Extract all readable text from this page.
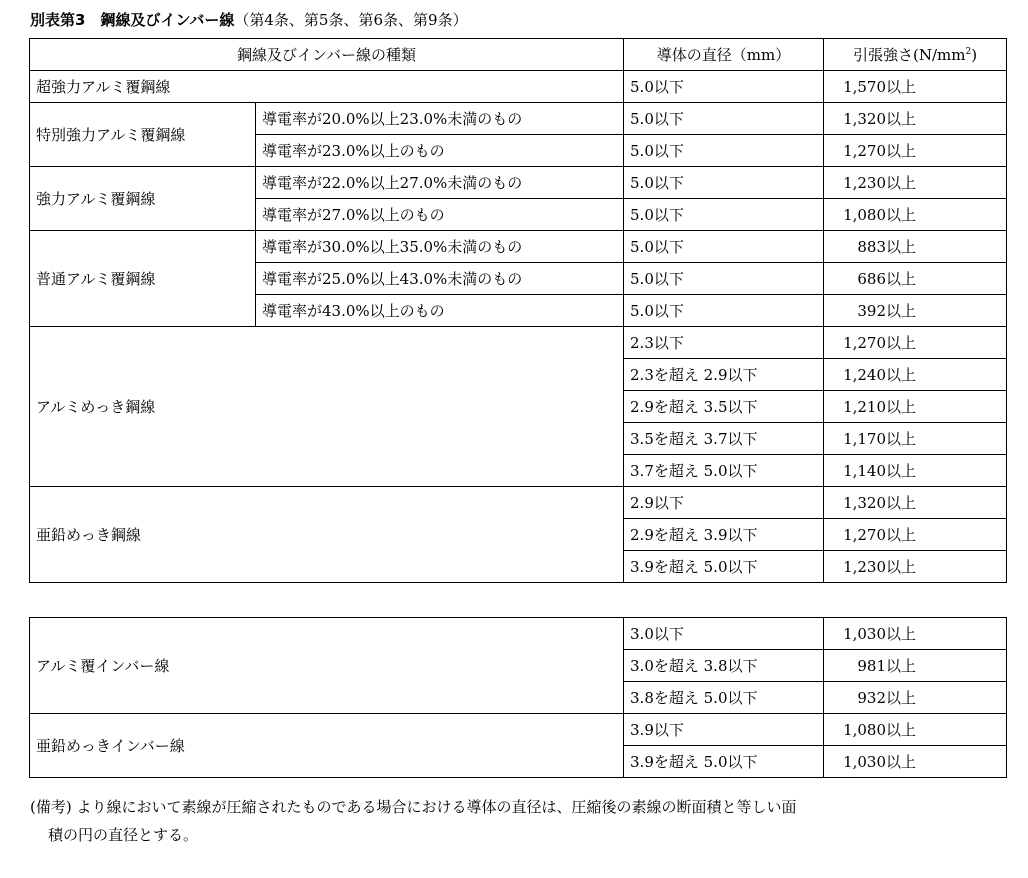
別表第3　鋼線及びインバー線（第4条、第5条、第6条、第9条）
鋼線及びインバー線の種類		導体の直径（mm）	引張強さ$(N/mm^2)$
超強力アルミ覆鋼線		5.0以下	1,570以上
特別強力アルミ覆鋼線	導電率が20.0%以上23.0%未満のもの	5.0以下	1,320以上
	導電率が23.0%以上のもの	5.0以下	1,270以上
強力アルミ覆鋼線	導電率が22.0%以上27.0%未満のもの	5.0以下	1,230以上
	導電率が27.0%以上のもの	5.0以下	1,080以上
普通アルミ覆鋼線	導電率が30.0%以上35.0%未満のもの	5.0以下	883以上
	導電率が25.0%以上43.0%未満のもの	5.0以下	686以上
	導電率が43.0%以上のもの	5.0以下	392以上
アルミめっき鋼線		2.3以下	1,270以上
		2.3を超え 2.9以下	1,240以上
		2.9を超え 3.5以下	1,210以上
		3.5を超え 3.7以下	1,170以上
		3.7を超え 5.0以下	1,140以上
亜鉛めっき鋼線		2.9以下	1,320以上
		2.9を超え 3.9以下	1,270以上
		3.9を超え 5.0以下	1,230以上
アルミ覆インバー線	3.0以下	1,030以上
	3.0を超え 3.8以下	981以上
	3.8を超え 5.0以下	932以上
亜鉛めっきインバー線	3.9以下	1,080以上
	3.9を超え 5.0以下	1,030以上
(備考) より線において素線が圧縮されたものである場合における導体の直径は、圧縮後の素線の断面積と等しい面
積の円の直径とする。
